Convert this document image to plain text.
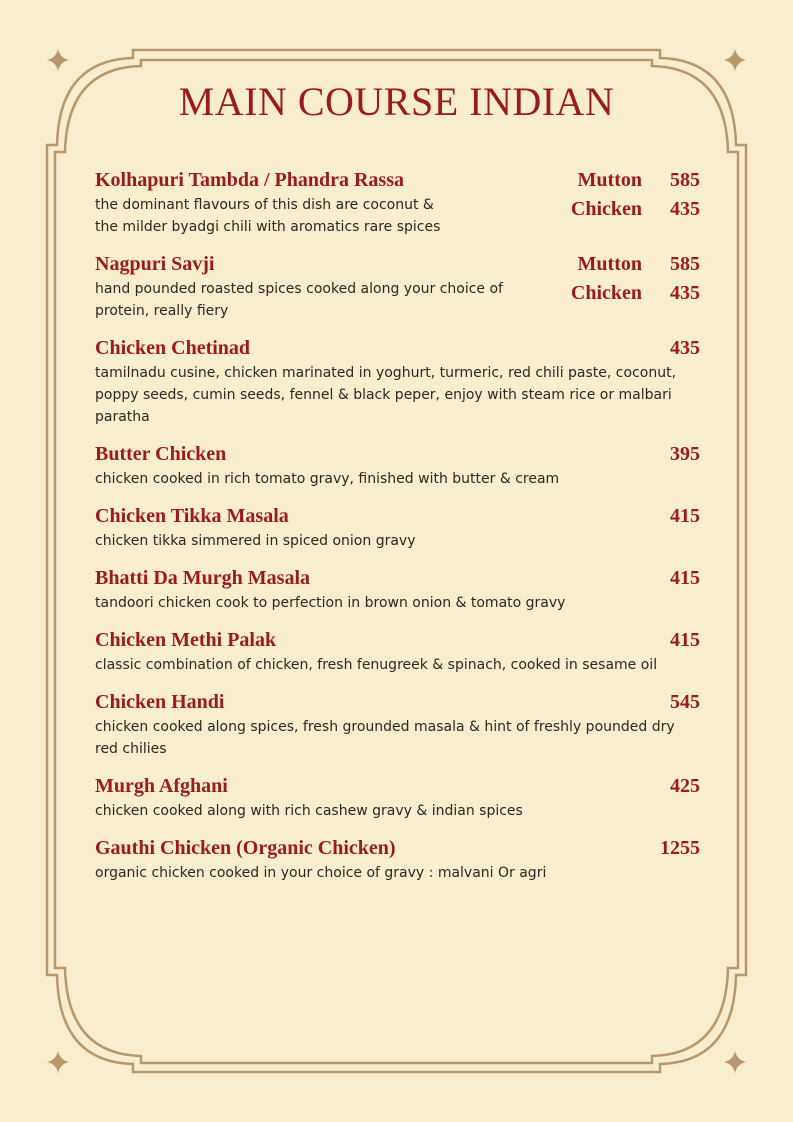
MAIN COURSE INDIAN
Kolhapuri Tambda / Phandra Rassa
the dominant flavours of this dish are coconut &
the milder byadgi chili with aromatics rare spices
Mutton	585
Chicken	435
Nagpuri Savji
hand pounded roasted spices cooked along your choice of
protein, really fiery
Mutton	585
Chicken	435
Chicken Chetinad	435
tamilnadu cusine, chicken marinated in yoghurt, turmeric, red chili paste, coconut, poppy seeds, cumin seeds, fennel & black peper, enjoy with steam rice or malbari paratha
Butter Chicken	395
chicken cooked in rich tomato gravy, finished with butter & cream
Chicken Tikka Masala	415
chicken tikka simmered in spiced onion gravy
Bhatti Da Murgh Masala	415
tandoori chicken cook to perfection in brown onion & tomato gravy
Chicken Methi Palak	415
classic combination of chicken, fresh fenugreek & spinach, cooked in sesame oil
Chicken Handi	545
chicken cooked along spices, fresh grounded masala & hint of freshly pounded dry red chilies
Murgh Afghani	425
chicken cooked along with rich cashew gravy & indian spices
Gauthi Chicken (Organic Chicken)	1255
organic chicken cooked in your choice of gravy : malvani Or agri
